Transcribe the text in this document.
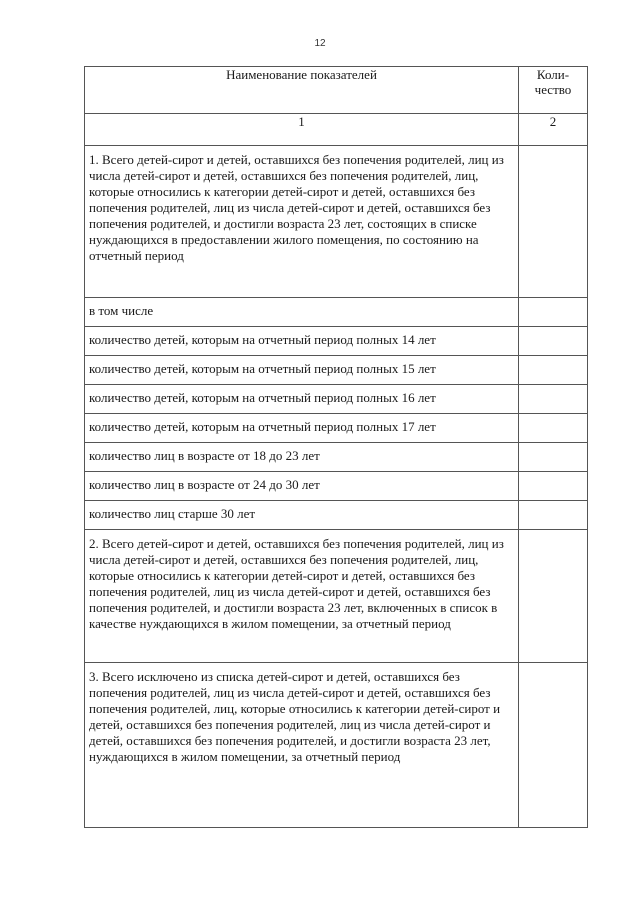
12
Наименование показателей	Коли-
чество

1	2

1. Всего детей-сирот и детей, оставшихся без попечения родителей, лиц из числа детей-сирот и детей, оставшихся без попечения родителей, лиц, которые относились к категории детей-сирот и детей, оставшихся без попечения родителей, лиц из числа детей-сирот и детей, оставшихся без попечения родителей, и достигли возраста 23 лет, состоящих в списке нуждающихся в предоставлении жилого помещения, по состоянию на отчетный период	

в том числе	

количество детей, которым на отчетный период полных 14 лет	

количество детей, которым на отчетный период полных 15 лет	

количество детей, которым на отчетный период полных 16 лет	

количество детей, которым на отчетный период полных 17 лет	

количество лиц в возрасте от 18 до 23 лет	

количество лиц в возрасте от 24 до 30 лет	

количество лиц старше 30 лет	

2. Всего детей-сирот и детей, оставшихся без попечения родителей, лиц из числа детей-сирот и детей, оставшихся без попечения родителей, лиц, которые относились к категории детей-сирот и детей, оставшихся без попечения родителей, лиц из числа детей-сирот и детей, оставшихся без попечения родителей, и достигли возраста 23 лет, включенных в список в качестве нуждающихся в жилом помещении, за отчетный период	

3. Всего исключено из списка детей-сирот и детей, оставшихся без попечения родителей, лиц из числа детей-сирот и детей, оставшихся без попечения родителей, лиц, которые относились к категории детей-сирот и детей, оставшихся без попечения родителей, лиц из числа детей-сирот и детей, оставшихся без попечения родителей, и достигли возраста 23 лет, нуждающихся в жилом помещении, за отчетный период	
